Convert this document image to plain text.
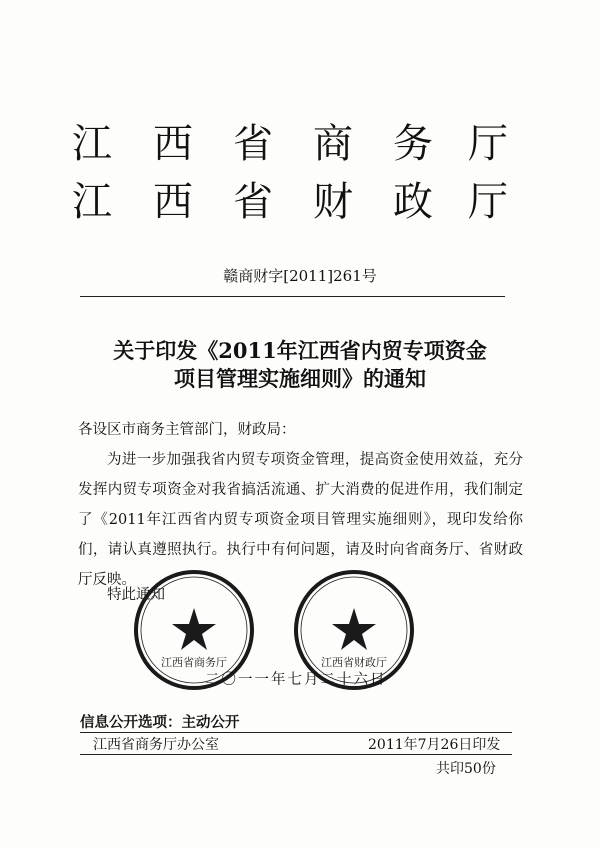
江 西 省 商 务 厅
江 西 省 财 政 厅
赣商财字[2011]261号
关于印发《2011年江西省内贸专项资金
项目管理实施细则》的通知
各设区市商务主管部门，财政局：
为进一步加强我省内贸专项资金管理，提高资金使用效益，充分发挥内贸专项资金对我省搞活流通、扩大消费的促进作用，我们制定了《2011年江西省内贸专项资金项目管理实施细则》，现印发给你们，请认真遵照执行。执行中有何问题，请及时向省商务厅、省财政厅反映。
特此通知
江西省商务厅	江西省财政厅
二〇一一年七月二十六日
信息公开选项：主动公开
江西省商务厅办公室	2011年7月26日印发
共印50份
